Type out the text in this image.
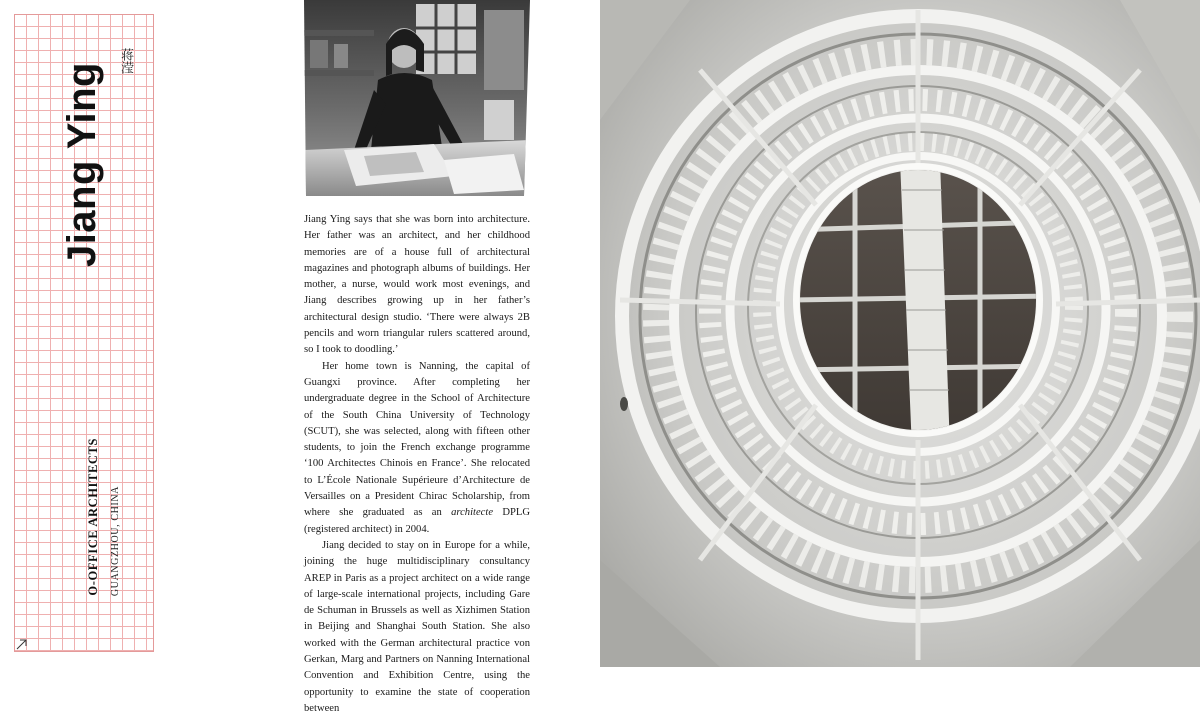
Jiang Ying
蒋滢
O-OFFICE ARCHITECTS GUANGZHOU, CHINA

Jiang Ying says that she was born into architecture. Her father was an architect, and her childhood memories are of a house full of architectural magazines and photograph albums of buildings. Her mother, a nurse, would work most evenings, and Jiang describes growing up in her father’s architectural design studio. ‘There were always 2B pencils and worn triangular rulers scattered around, so I took to doodling.’

Her home town is Nanning, the capital of Guangxi province. After completing her undergraduate degree in the School of Architecture of the South China University of Technology (SCUT), she was selected, along with fifteen other students, to join the French exchange programme ‘100 Architectes Chinois en France’. She relocated to L’École Nationale Supérieure d’Architecture de Versailles on a President Chirac Scholarship, from where she graduated as an architecte DPLG (registered architect) in 2004.

Jiang decided to stay on in Europe for a while, joining the huge multidisciplinary consultancy AREP in Paris as a project architect on a wide range of large-scale international projects, including Gare de Schuman in Brussels as well as Xizhimen Station in Beijing and Shanghai South Station. She also worked with the German architectural practice von Gerkan, Marg and Partners on Nanning International Convention and Exhibition Centre, using the opportunity to examine the state of cooperation between
